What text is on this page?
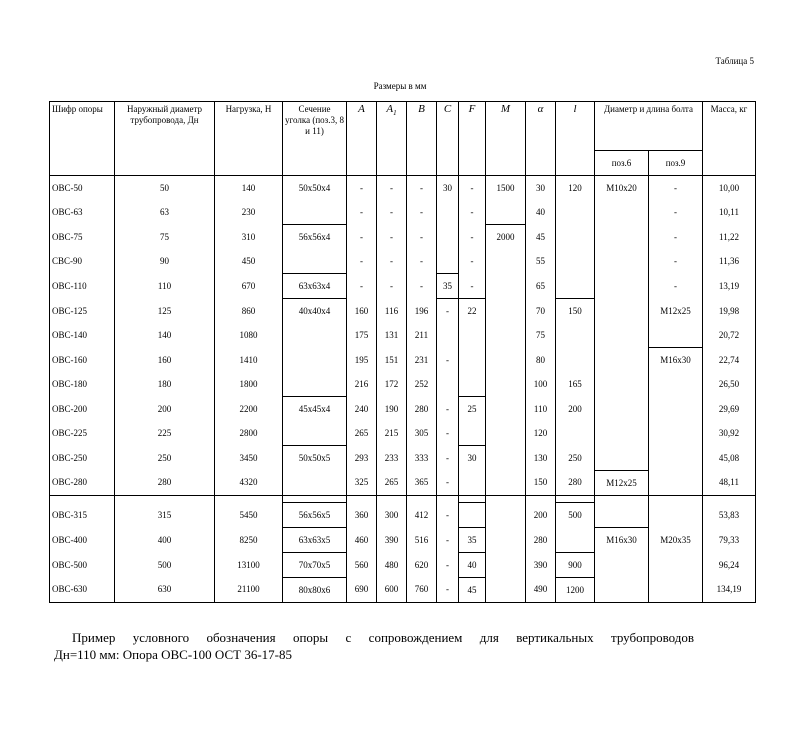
Таблица 5
Размеры в мм
Шифр опоры	Наружный диаметр трубопровода, Дн	Нагрузка, Н	Сечение уголка (поз.3, 8 и 11)	A	$A_1$	B	C	F	M	α	l	Диаметр и длина болта		Масса, кг
												поз.6	поз.9	
ОВС-50	50	140	50х50х4	-	-	-	30	-	1500	30	120	М10х20	-	10,00
ОВС-63	63	230		-	-	-		-		40			-	10,11
ОВС-75	75	310	56х56х4	-	-	-		-	2000	45			-	11,22
СВС-90	90	450		-	-	-		-		55			-	11,36
ОВС-110	110	670	63х63х4	-	-	-	35	-		65			-	13,19
ОВС-125	125	860	40х40х4	160	116	196	-	22		70	150		М12х25	19,98
ОВС-140	140	1080		175	131	211				75				20,72
ОВС-160	160	1410		195	151	231	-			80			М16х30	22,74
ОВС-180	180	1800		216	172	252				100	165			26,50
ОВС-200	200	2200	45х45х4	240	190	280	-	25		110	200			29,69
ОВС-225	225	2800		265	215	305	-			120				30,92
ОВС-250	250	3450	50х50х5	293	233	333	-	30		130	250			45,08
ОВС-280	280	4320		325	265	365	-			150	280	М12х25		48,11

ОВС-315	315	5450	56х56х5	360	300	412	-			200	500			53,83
ОВС-400	400	8250	63х63х5	460	390	516	-	35		280		М16х30	М20х35	79,33
ОВС-500	500	13100	70х70х5	560	480	620	-	40		390	900			96,24
ОВС-630	630	21100	80х80х6	690	600	760	-	45		490	1200			134,19
Пример условного обозначения опоры с сопровождением для вертикальных трубопроводов
Дн=110 мм: Опора ОВС-100 ОСТ 36-17-85
